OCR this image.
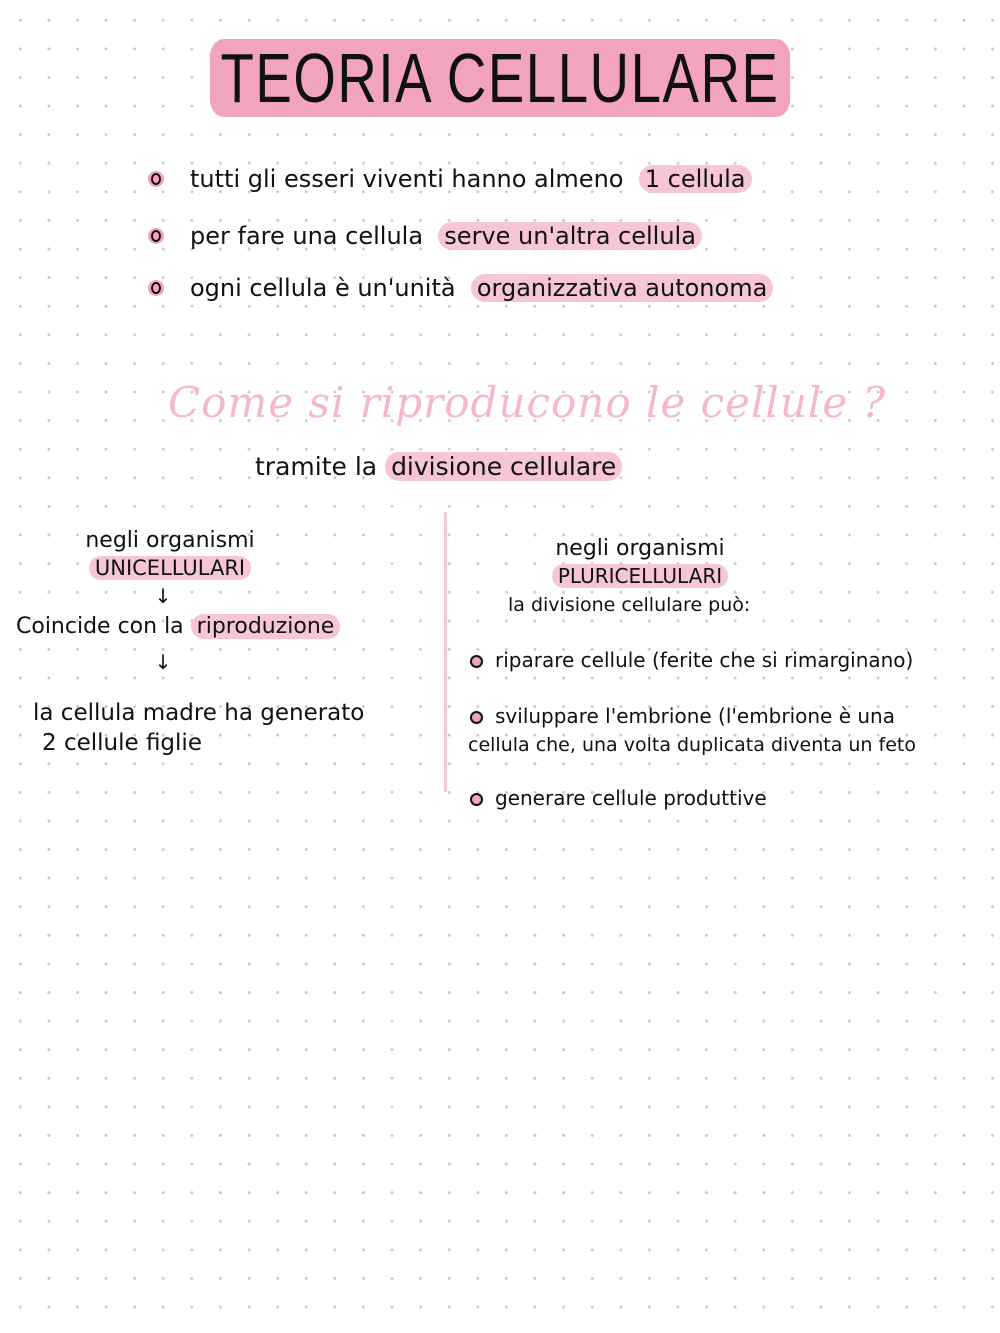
TEORIA CELLULARE
tutti gli esseri viventi hanno almeno
1 cellula
per fare una cellula
serve un'altra cellula
ogni cellula è un'unità
organizzativa autonoma
Come si riproducono le cellule ?
tramite la divisione cellulare
negli organismi
UNICELLULARI
↓
Coincide con la riproduzione
↓
la cellula madre ha generato
2 cellule figlie
negli organismi
PLURICELLULARI
la divisione cellulare può:
riparare cellule (ferite che si rimarginano)
sviluppare l'embrione (l'embrione è una
cellula che, una volta duplicata diventa un feto
generare cellule produttive
